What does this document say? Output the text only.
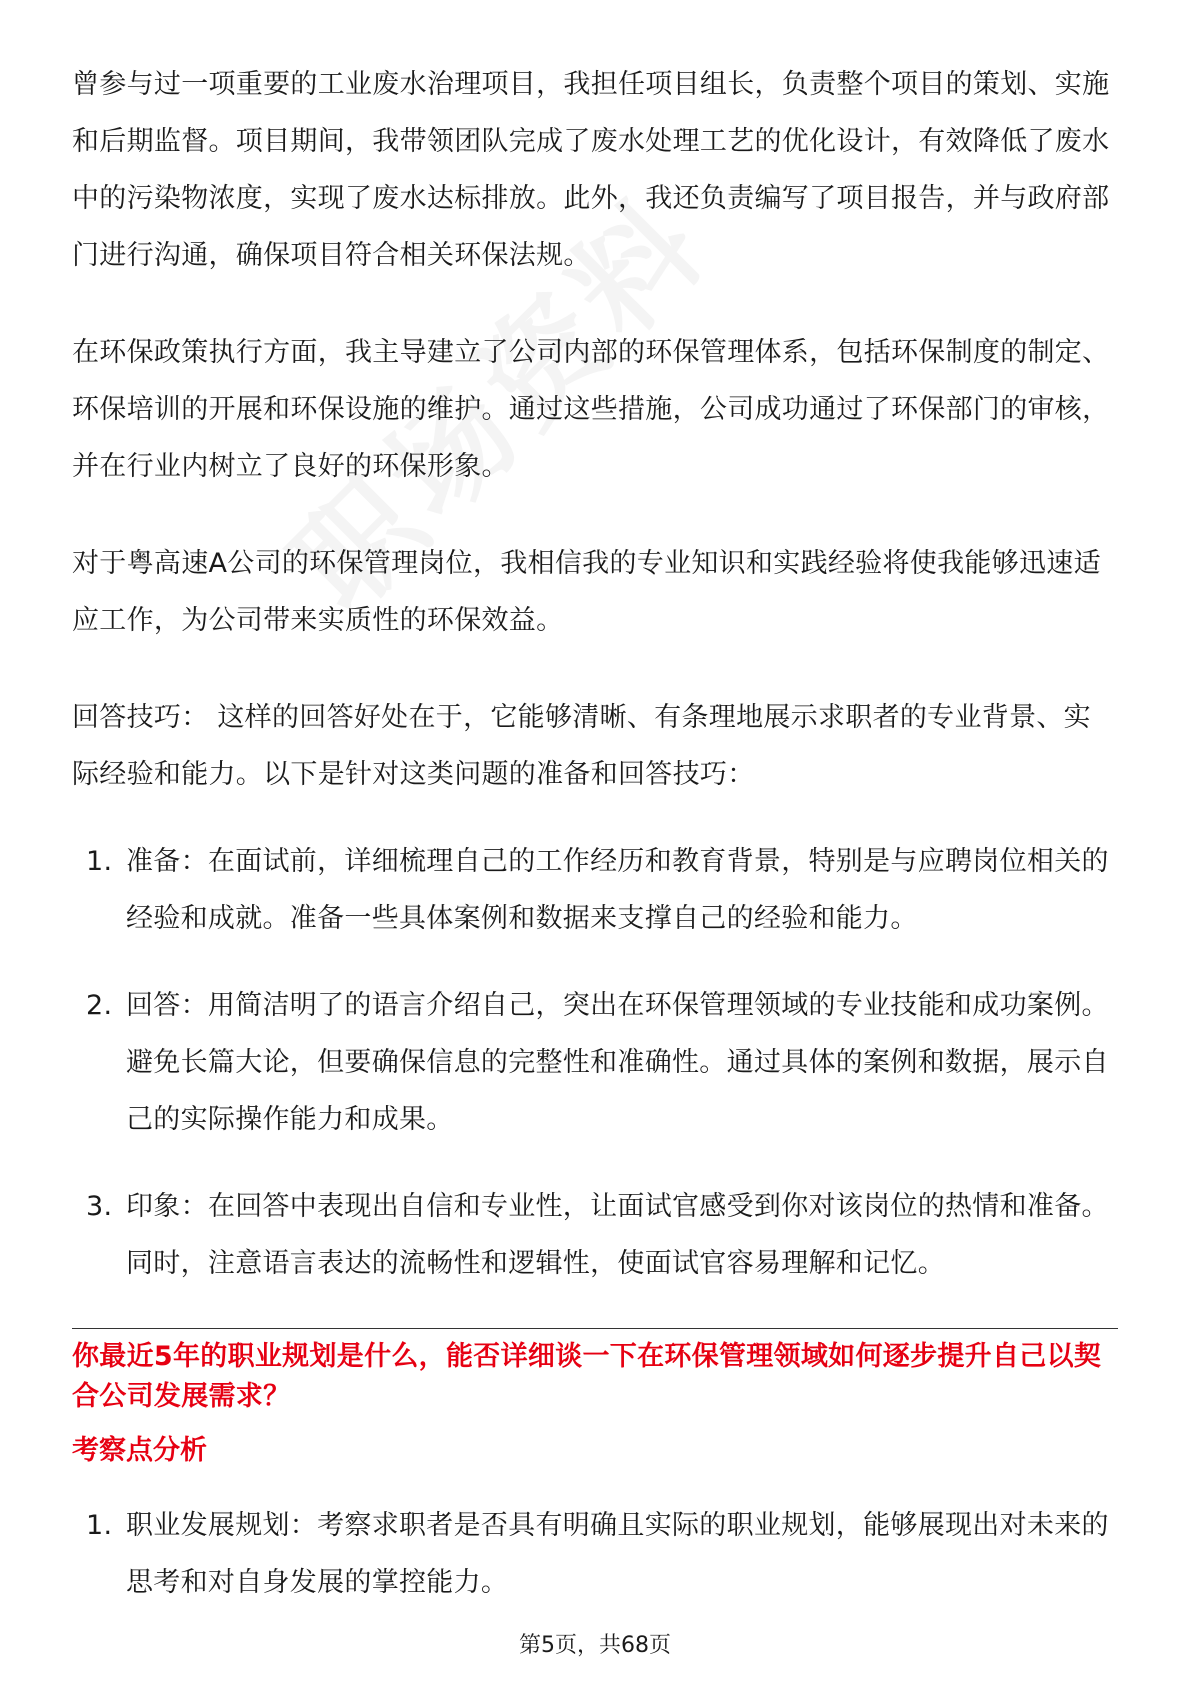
曾参与过一项重要的工业废水治理项目，我担任项目组长，负责整个项目的策划、实施和后期监督。项目期间，我带领团队完成了废水处理工艺的优化设计，有效降低了废水中的污染物浓度，实现了废水达标排放。此外，我还负责编写了项目报告，并与政府部门进行沟通，确保项目符合相关环保法规。

在环保政策执行方面，我主导建立了公司内部的环保管理体系，包括环保制度的制定、环保培训的开展和环保设施的维护。通过这些措施，公司成功通过了环保部门的审核，并在行业内树立了良好的环保形象。

对于粤高速A公司的环保管理岗位，我相信我的专业知识和实践经验将使我能够迅速适应工作，为公司带来实质性的环保效益。

回答技巧： 这样的回答好处在于，它能够清晰、有条理地展示求职者的专业背景、实际经验和能力。以下是针对这类问题的准备和回答技巧：

1. 准备：在面试前，详细梳理自己的工作经历和教育背景，特别是与应聘岗位相关的经验和成就。准备一些具体案例和数据来支撑自己的经验和能力。
2. 回答：用简洁明了的语言介绍自己，突出在环保管理领域的专业技能和成功案例。避免长篇大论，但要确保信息的完整性和准确性。通过具体的案例和数据，展示自己的实际操作能力和成果。
3. 印象：在回答中表现出自信和专业性，让面试官感受到你对该岗位的热情和准备。同时，注意语言表达的流畅性和逻辑性，使面试官容易理解和记忆。
你最近5年的职业规划是什么，能否详细谈一下在环保管理领域如何逐步提升自己以契合公司发展需求？
考察点分析
1. 职业发展规划：考察求职者是否具有明确且实际的职业规划，能够展现出对未来的思考和对自身发展的掌控能力。
第5页，共68页
